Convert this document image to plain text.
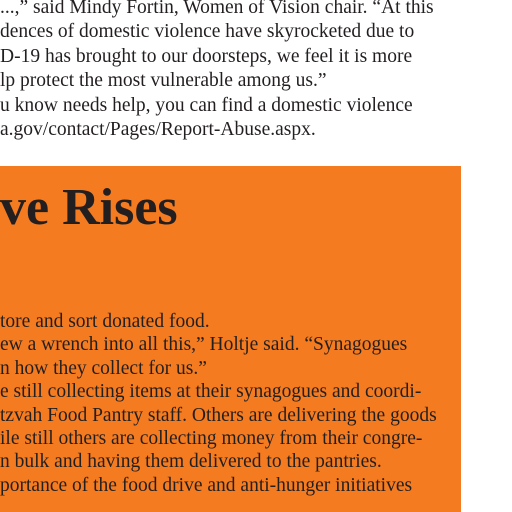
...,” said Mindy Fortin, Women of Vision chair. “At this
dences of domestic violence have skyrocketed due to
D-19 has brought to our doorsteps, we feel it is more
lp protect the most vulnerable among us.”
u know needs help, you can find a domestic violence
a.gov/contact/Pages/Report-Abuse.aspx.
ve Rises
tore and sort donated food.
ew a wrench into all this,” Holtje said. “Synagogues
n how they collect for us.”
e still collecting items at their synagogues and coordi-
tzvah Food Pantry staff. Others are delivering the goods
ile still others are collecting money from their congre-
n bulk and having them delivered to the pantries.
portance of the food drive and anti-hunger initiatives
